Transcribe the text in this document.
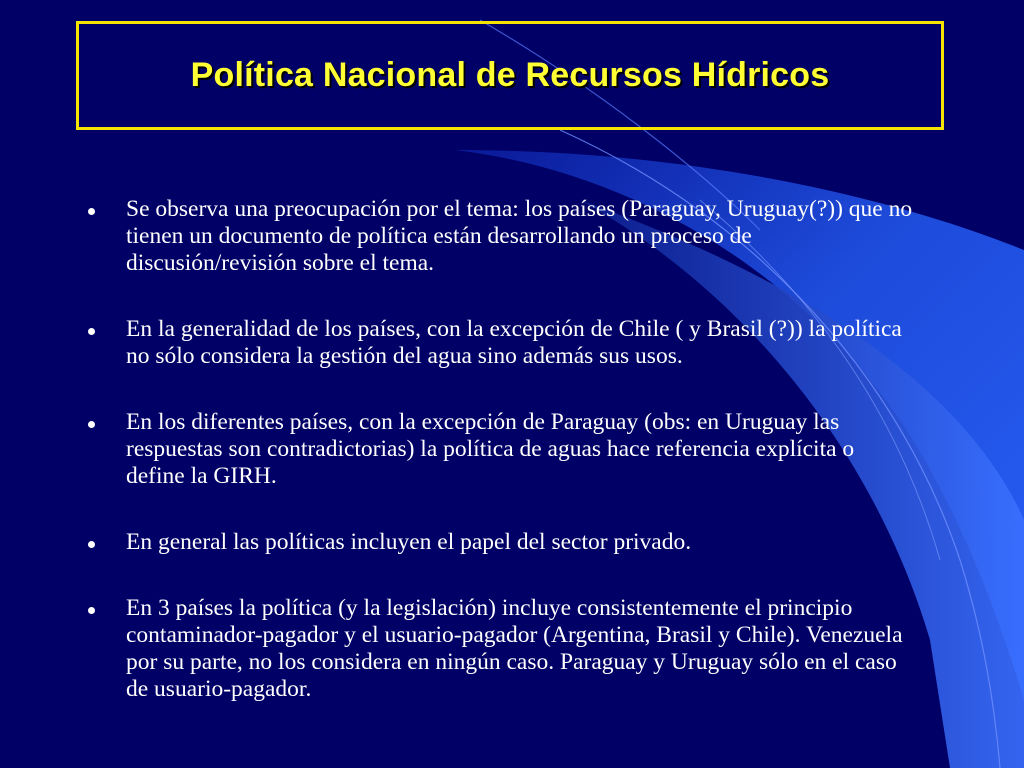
Política Nacional de Recursos Hídricos
Se observa una preocupación por el tema: los países (Paraguay, Uruguay(?)) que no tienen un documento de política están desarrollando un proceso de discusión/revisión sobre el tema.
En la generalidad de los países, con la excepción de Chile ( y Brasil (?)) la política no sólo considera la gestión del agua sino además sus usos.
En los diferentes países, con la excepción de Paraguay (obs: en Uruguay las respuestas son contradictorias) la política de aguas hace referencia explícita o define la GIRH.
En general las políticas incluyen el papel del sector privado.
En 3 países la política (y la legislación) incluye consistentemente el principio contaminador-pagador y el usuario-pagador (Argentina, Brasil y Chile). Venezuela por su parte, no los considera en ningún caso. Paraguay y Uruguay sólo en el caso de usuario-pagador.
